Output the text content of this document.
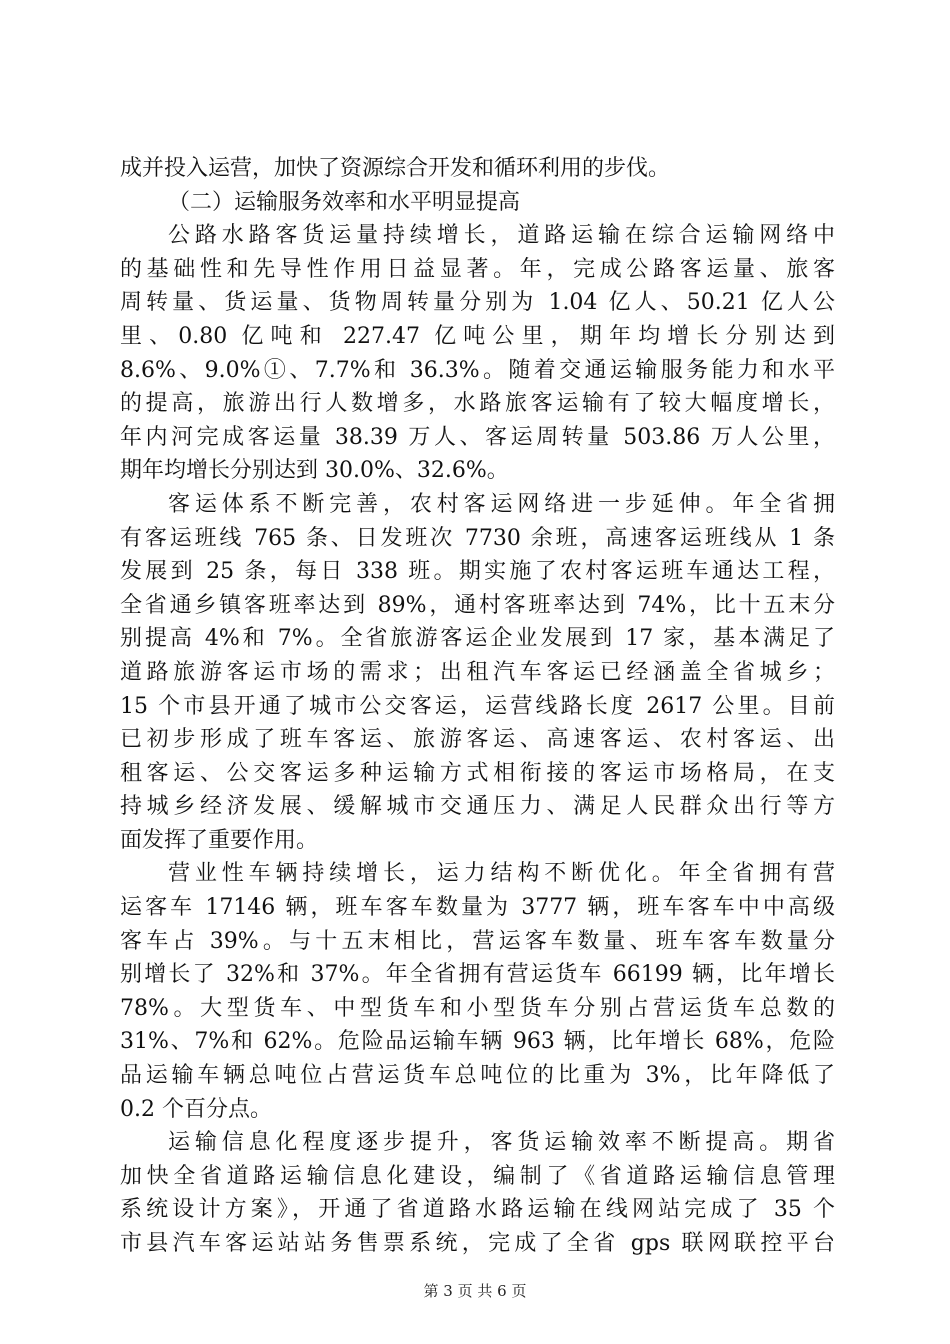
成并投入运营，加快了资源综合开发和循环利用的步伐。
（二）运输服务效率和水平明显提高
公路水路客货运量持续增长，道路运输在综合运输网络中
的基础性和先导性作用日益显著。年，完成公路客运量、旅客
周转量、货运量、货物周转量分别为 1.04 亿人、50.21 亿人公
里、0.80 亿吨和 227.47 亿吨公里，期年均增长分别达到
8.6%、9.0%①、7.7%和 36.3%。随着交通运输服务能力和水平
的提高，旅游出行人数增多，水路旅客运输有了较大幅度增长，
年内河完成客运量 38.39 万人、客运周转量 503.86 万人公里，
期年均增长分别达到 30.0%、32.6%。
客运体系不断完善，农村客运网络进一步延伸。年全省拥
有客运班线 765 条、日发班次 7730 余班，高速客运班线从 1 条
发展到 25 条，每日 338 班。期实施了农村客运班车通达工程，
全省通乡镇客班率达到 89%，通村客班率达到 74%，比十五末分
别提高 4%和 7%。全省旅游客运企业发展到 17 家，基本满足了
道路旅游客运市场的需求；出租汽车客运已经涵盖全省城乡；
15 个市县开通了城市公交客运，运营线路长度 2617 公里。目前
已初步形成了班车客运、旅游客运、高速客运、农村客运、出
租客运、公交客运多种运输方式相衔接的客运市场格局，在支
持城乡经济发展、缓解城市交通压力、满足人民群众出行等方
面发挥了重要作用。
营业性车辆持续增长，运力结构不断优化。年全省拥有营
运客车 17146 辆，班车客车数量为 3777 辆，班车客车中中高级
客车占 39%。与十五末相比，营运客车数量、班车客车数量分
别增长了 32%和 37%。年全省拥有营运货车 66199 辆，比年增长
78%。大型货车、中型货车和小型货车分别占营运货车总数的
31%、7%和 62%。危险品运输车辆 963 辆，比年增长 68%，危险
品运输车辆总吨位占营运货车总吨位的比重为 3%，比年降低了
0.2 个百分点。
运输信息化程度逐步提升，客货运输效率不断提高。期省
加快全省道路运输信息化建设，编制了《省道路运输信息管理
系统设计方案》，开通了省道路水路运输在线网站完成了 35 个
市县汽车客运站站务售票系统，完成了全省 gps 联网联控平台
第 3 页 共 6 页
